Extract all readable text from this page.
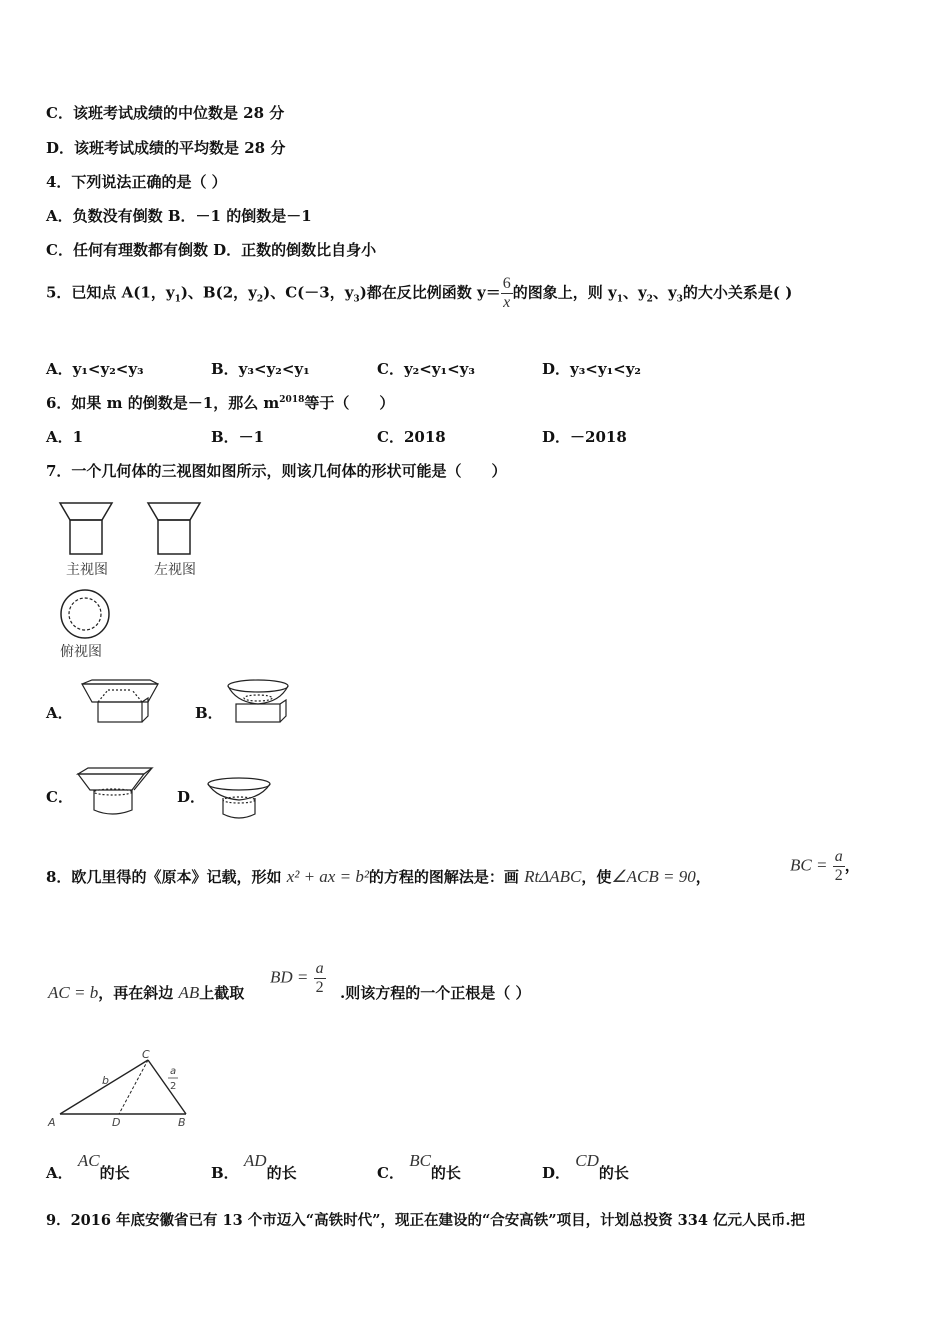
C．该班考试成绩的中位数是 28 分
D．该班考试成绩的平均数是 28 分
4．下列说法正确的是（ ）
A．负数没有倒数 B．－1 的倒数是－1
C．任何有理数都有倒数 D．正数的倒数比自身小
5．已知点 A(1，$y_1$)、B(2，$y_2$)、C(－3，$y_3$)都在反比例函数 $y= \frac{6}{x}$ 的图象上，则 $y_1$、$y_2$、$y_3$的大小关系是( )
A．y₁<y₂<y₃	B．y₃<y₂<y₁	C．y₂<y₁<y₃	D．y₃<y₁<y₂
6．如果 m 的倒数是－1，那么 $m^{2018}$等于（　　）
A．1	B．－1	C．2018	D．－2018
7．一个几何体的三视图如图所示，则该几何体的形状可能是（　　）
主视图	左视图
俯视图
A．	B．
C．	D．
8．欧几里得的《原本》记载，形如 x² + ax = b²的方程的图解法是：画 RtΔABC，使∠ACB = 90，
BC = $\frac{a}{2}$ ，
BD = $\frac{a}{2}$
AC = b，再在斜边 AB上截取	.则该方程的一个正根是（ ）
A	D	B
C
b
a
2
A． AC的长	B． AD的长	C． BC的长	D． CD的长
9．2016 年底安徽省已有 13 个市迈入“高铁时代”，现正在建设的“合安高铁”项目，计划总投资 334 亿元人民币.把
